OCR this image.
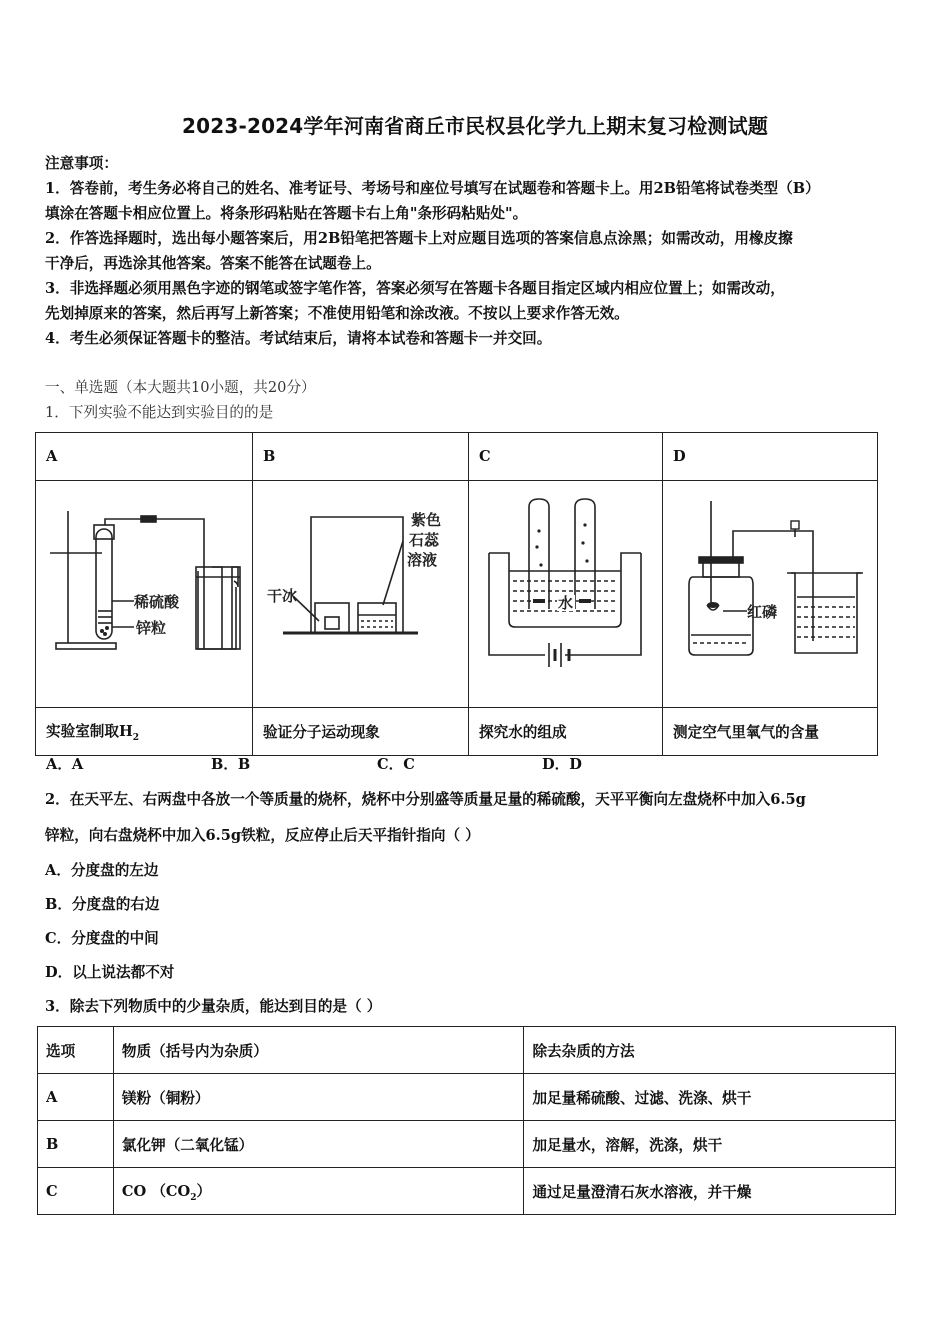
2023-2024学年河南省商丘市民权县化学九上期末复习检测试题
注意事项：
1．答卷前，考生务必将自己的姓名、准考证号、考场号和座位号填写在试题卷和答题卡上。用2B铅笔将试卷类型（B）
填涂在答题卡相应位置上。将条形码粘贴在答题卡右上角"条形码粘贴处"。
2．作答选择题时，选出每小题答案后，用2B铅笔把答题卡上对应题目选项的答案信息点涂黑；如需改动，用橡皮擦
干净后，再选涂其他答案。答案不能答在试题卷上。
3．非选择题必须用黑色字迹的钢笔或签字笔作答，答案必须写在答题卡各题目指定区域内相应位置上；如需改动，
先划掉原来的答案，然后再写上新答案；不准使用铅笔和涂改液。不按以上要求作答无效。
4．考生必须保证答题卡的整洁。考试结束后，请将本试卷和答题卡一并交回。
一、单选题（本大题共10小题，共20分）
1．下列实验不能达到实验目的的是
A	B	C	D

稀硫酸
锌粒	紫色
石蕊
溶液
干冰	水	红磷

实验室制取$H_2$	验证分子运动现象	探究水的组成	测定空气里氧气的含量
A．A	B．B	C．C	D．D
2．在天平左、右两盘中各放一个等质量的烧杯，烧杯中分别盛等质量足量的稀硫酸，天平平衡向左盘烧杯中加入6.5g
锌粒，向右盘烧杯中加入6.5g铁粒，反应停止后天平指针指向（ ）
A．分度盘的左边
B．分度盘的右边
C．分度盘的中间
D．以上说法都不对
3．除去下列物质中的少量杂质，能达到目的是（ ）
选项	物质（括号内为杂质）	除去杂质的方法
A	镁粉（铜粉）	加足量稀硫酸、过滤、洗涤、烘干
B	氯化钾（二氧化锰）	加足量水，溶解，洗涤，烘干
C	CO $(CO_2)$	通过足量澄清石灰水溶液，并干燥
